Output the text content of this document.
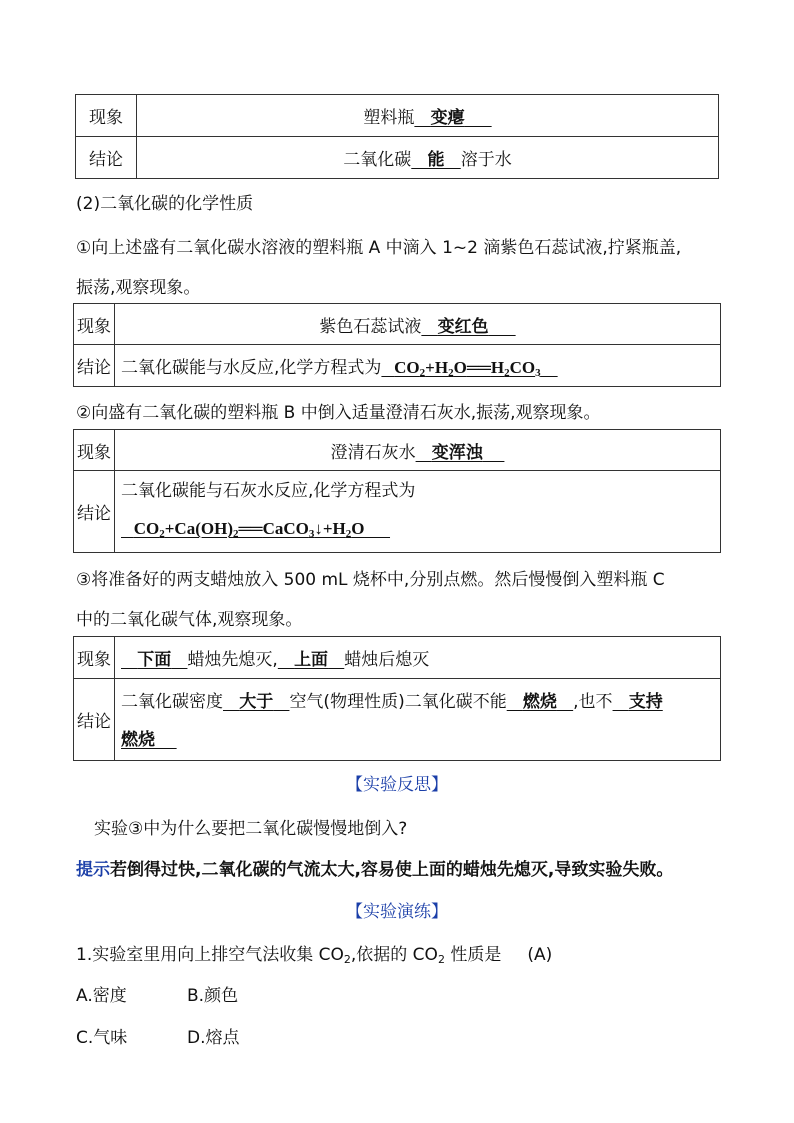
现象	塑料瓶 变瘪
结论	二氧化碳 能 溶于水
(2)二氧化碳的化学性质
①向上述盛有二氧化碳水溶液的塑料瓶 A 中滴入 1~2 滴紫色石蕊试液,拧紧瓶盖,
振荡,观察现象。
现象	紫色石蕊试液 变红色
结论	二氧化碳能与水反应,化学方程式为 $CO_2+H_2O══H_2CO_3$
②向盛有二氧化碳的塑料瓶 B 中倒入适量澄清石灰水,振荡,观察现象。
现象	澄清石灰水 变浑浊
结论	二氧化碳能与石灰水反应,化学方程式为
$CO_2+Ca(OH)_2══CaCO_3↓+H_2O$
③将准备好的两支蜡烛放入 500 mL 烧杯中,分别点燃。然后慢慢倒入塑料瓶 C
中的二氧化碳气体,观察现象。
现象	下面 蜡烛先熄灭, 上面 蜡烛后熄灭
结论	二氧化碳密度 大于 空气(物理性质)二氧化碳不能 燃烧 ,也不 支持
燃烧
【实验反思】
实验③中为什么要把二氧化碳慢慢地倒入?
提示若倒得过快,二氧化碳的气流太大,容易使上面的蜡烛先熄灭,导致实验失败。
【实验演练】
1.实验室里用向上排空气法收集 $CO_2$,依据的 $CO_2$ 性质是 (A)
A.密度	B.颜色
C.气味	D.熔点
